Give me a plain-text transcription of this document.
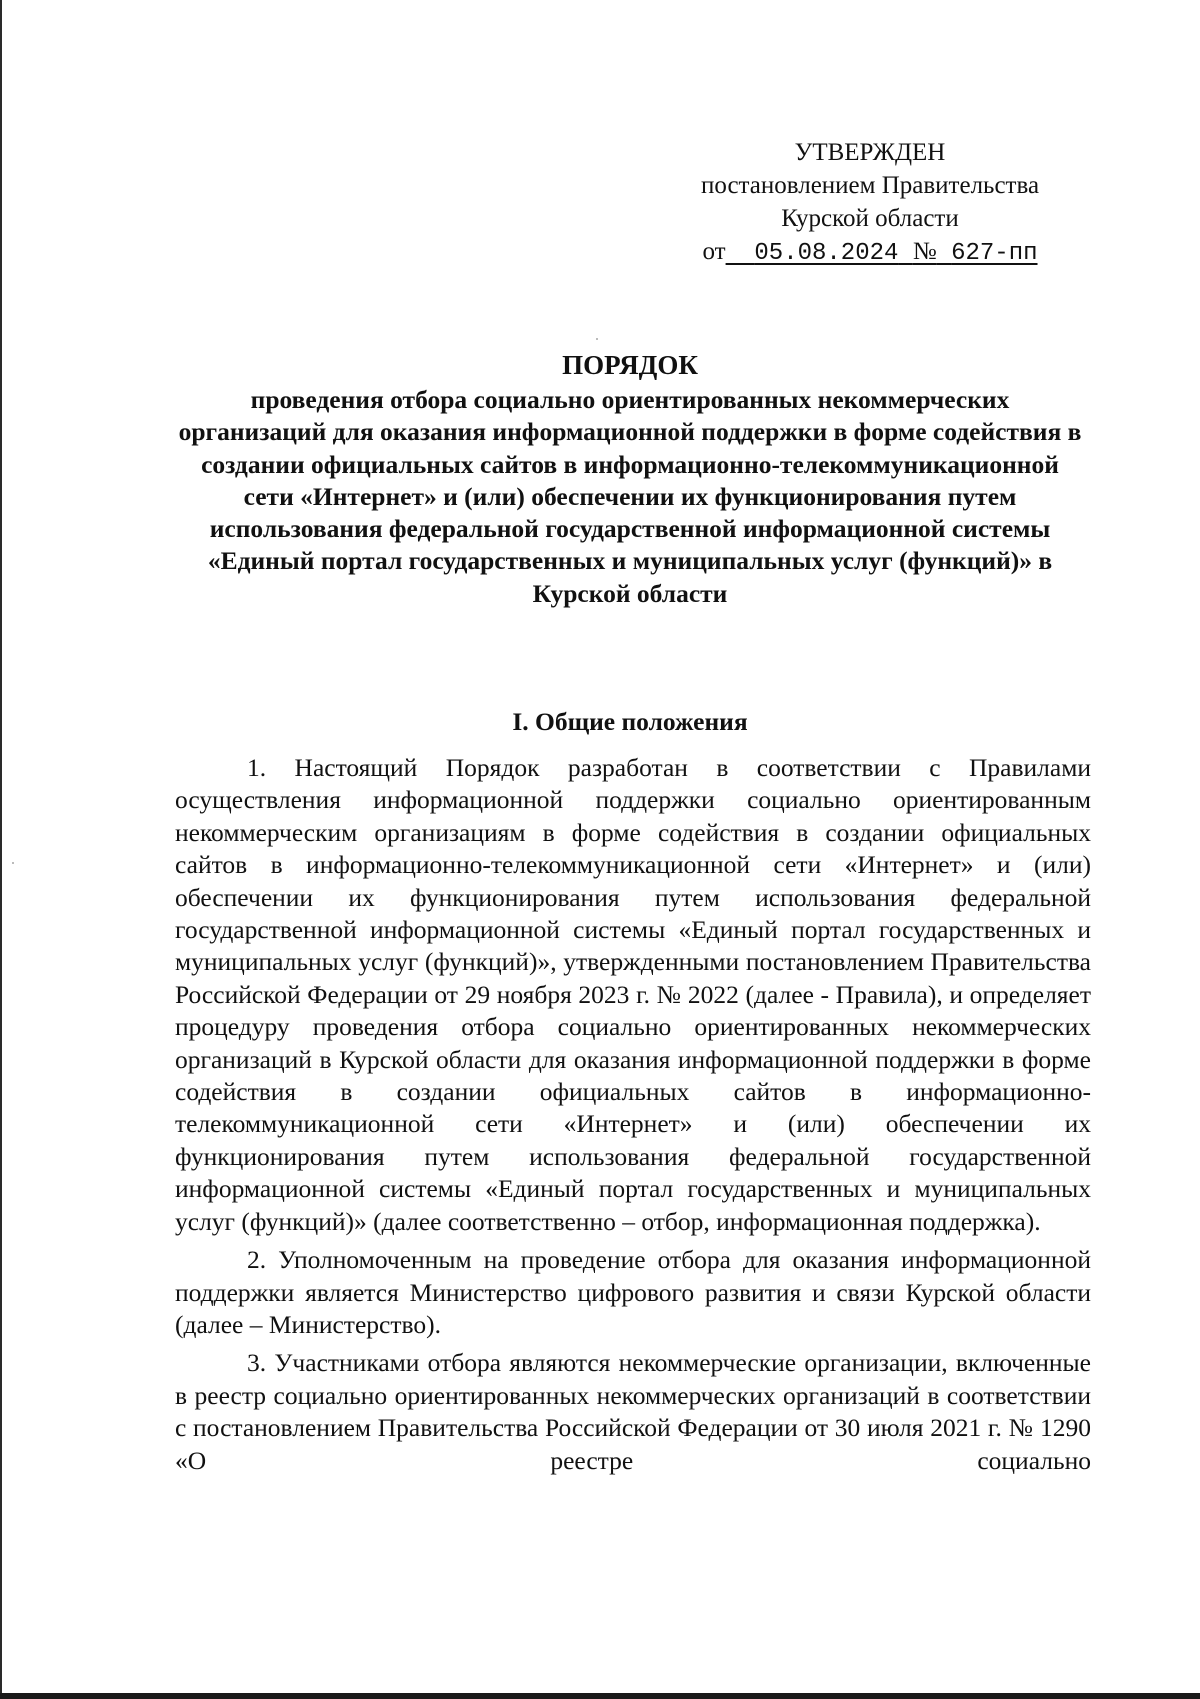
УТВЕРЖДЕН
постановлением Правительства
Курской области
от 05.08.2024 № 627-пп
ПОРЯДОК

проведения отбора социально ориентированных некоммерческих организаций для оказания информационной поддержки в форме содействия в создании официальных сайтов в информационно-телекоммуникационной сети «Интернет» и (или) обеспечении их функционирования путем использования федеральной государственной информационной системы «Единый портал государственных и муниципальных услуг (функций)» в Курской области

I. Общие положения

1. Настоящий Порядок разработан в соответствии с Правилами осуществления информационной поддержки социально ориентированным некоммерческим организациям в форме содействия в создании официальных сайтов в информационно-телекоммуникационной сети «Интернет» и (или) обеспечении их функционирования путем использования федеральной государственной информационной системы «Единый портал государственных и муниципальных услуг (функций)», утвержденными постановлением Правительства Российской Федерации от 29 ноября 2023 г. № 2022 (далее - Правила), и определяет процедуру проведения отбора социально ориентированных некоммерческих организаций в Курской области для оказания информационной поддержки в форме содействия в создании официальных сайтов в информационно-телекоммуникационной сети «Интернет» и (или) обеспечении их функционирования путем использования федеральной государственной информационной системы «Единый портал государственных и муниципальных услуг (функций)» (далее соответственно – отбор, информационная поддержка).

2. Уполномоченным на проведение отбора для оказания информационной поддержки является Министерство цифрового развития и связи Курской области (далее – Министерство).

3. Участниками отбора являются некоммерческие организации, включенные в реестр социально ориентированных некоммерческих организаций в соответствии с постановлением Правительства Российской Федерации от 30 июля 2021 г. № 1290 «О реестре социально
